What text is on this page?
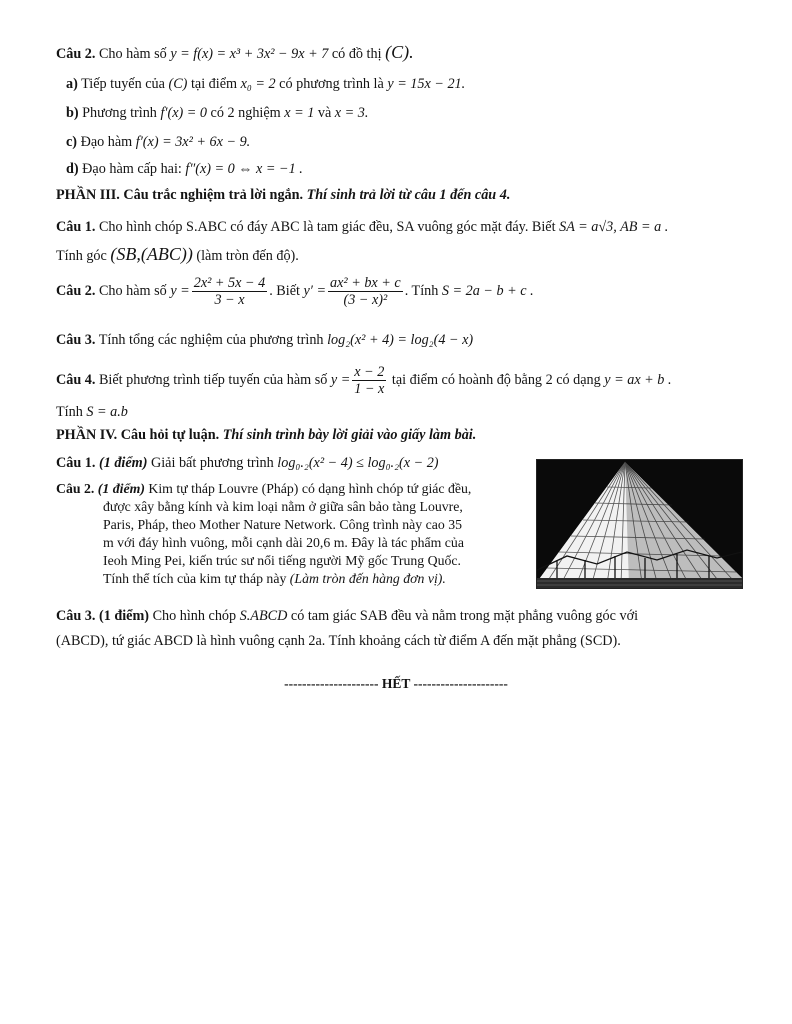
Câu 2. Cho hàm số y = f(x) = x³ + 3x² − 9x + 7 có đồ thị (C).
a) Tiếp tuyến của (C) tại điểm x₀ = 2 có phương trình là y = 15x − 21.
b) Phương trình f′(x) = 0 có 2 nghiệm x = 1 và x = 3.
c) Đạo hàm f′(x) = 3x² + 6x − 9.
d) Đạo hàm cấp hai: f″(x) = 0 ⇔ x = −1 .
PHẦN III. Câu trắc nghiệm trả lời ngắn. Thí sinh trả lời từ câu 1 đến câu 4.
Câu 1. Cho hình chóp S.ABC có đáy ABC là tam giác đều, SA vuông góc mặt đáy. Biết SA = a√3, AB = a .
Tính góc (SB,(ABC)) (làm tròn đến độ).
Câu 2. Cho hàm số $y = \frac{\text{2x² + 5x − 4}}{3 - x}$ . Biết $y' = \frac{\text{ax² + bx + c}}{\text{(3 − x)²}}$ . Tính S = 2a − b + c .
Câu 3. Tính tổng các nghiệm của phương trình log₂(x² + 4) = log₂(4 − x)
Câu 4. Biết phương trình tiếp tuyến của hàm số $y = \frac{x - 2}{1 - x}$ tại điểm có hoành độ bằng 2 có dạng y = ax + b .
Tính S = a.b
PHẦN IV. Câu hỏi tự luận. Thí sinh trình bày lời giải vào giấy làm bài.
Câu 1. (1 điểm) Giải bất phương trình log₀.₂(x² − 4) ≤ log₀.₂(x − 2)
Câu 2. (1 điểm) Kim tự tháp Louvre (Pháp) có dạng hình chóp tứ giác đều,
được xây bằng kính và kim loại nằm ở giữa sân bảo tàng Louvre,
Paris, Pháp, theo Mother Nature Network. Công trình này cao 35
m với đáy hình vuông, mỗi cạnh dài 20,6 m. Đây là tác phẩm của
Ieoh Ming Pei, kiến trúc sư nổi tiếng người Mỹ gốc Trung Quốc.
Tính thể tích của kim tự tháp này (Làm tròn đến hàng đơn vị).
Câu 3. (1 điểm) Cho hình chóp S.ABCD có tam giác SAB đều và nằm trong mặt phẳng vuông góc với
(ABCD), tứ giác ABCD là hình vuông cạnh 2a. Tính khoảng cách từ điểm A đến mặt phẳng (SCD).
--------------------- HẾT ---------------------
